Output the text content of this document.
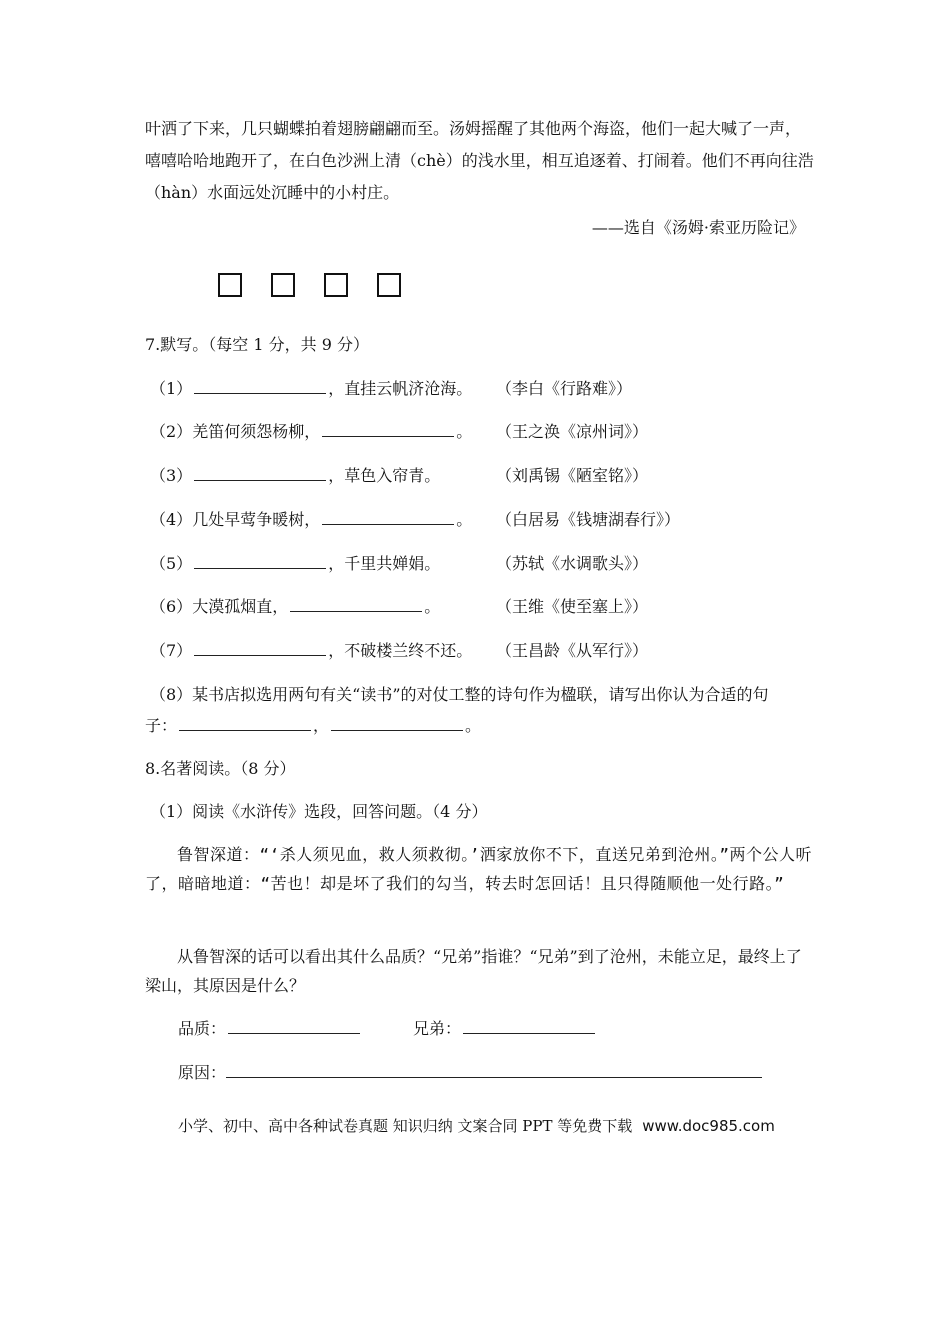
叶洒了下来，几只蝴蝶拍着翅膀翩翩而至。汤姆摇醒了其他两个海盗，他们一起大喊了一声，嘻嘻哈哈地跑开了，在白色沙洲上清（chè）的浅水里，相互追逐着、打闹着。他们不再向往浩（hàn）水面远处沉睡中的小村庄。
——选自《汤姆·索亚历险记》
7.默写。（每空 1 分，共 9 分）
（1）	，直挂云帆济沧海。 （李白《行路难》）
（2）羌笛何须怨杨柳，	。 （王之涣《凉州词》）
（3）	，草色入帘青。	（刘禹锡《陋室铭》）
（4）几处早莺争暖树，	。 （白居易《钱塘湖春行》）
（5）	，千里共婵娟。	（苏轼《水调歌头》）
（6）大漠孤烟直，	。	（王维《使至塞上》）
（7）	，不破楼兰终不还。 （王昌龄《从军行》）
（8）某书店拟选用两句有关“读书”的对仗工整的诗句作为楹联，请写出你认为合适的句
子：	，	。
8.名著阅读。（8 分）
（1）阅读《水浒传》选段，回答问题。（4 分）
鲁智深道：“‘杀人须见血，救人须救彻。’洒家放你不下，直送兄弟到沧州。”两个公人听了，暗暗地道：“苦也！却是坏了我们的勾当，转去时怎回话！且只得随顺他一处行路。”
从鲁智深的话可以看出其什么品质？“兄弟”指谁？“兄弟”到了沧州，未能立足，最终上了梁山，其原因是什么？
品质：	兄弟：
原因：
小学、初中、高中各种试卷真题 知识归纳 文案合同 PPT 等免费下载 www.doc985.com
